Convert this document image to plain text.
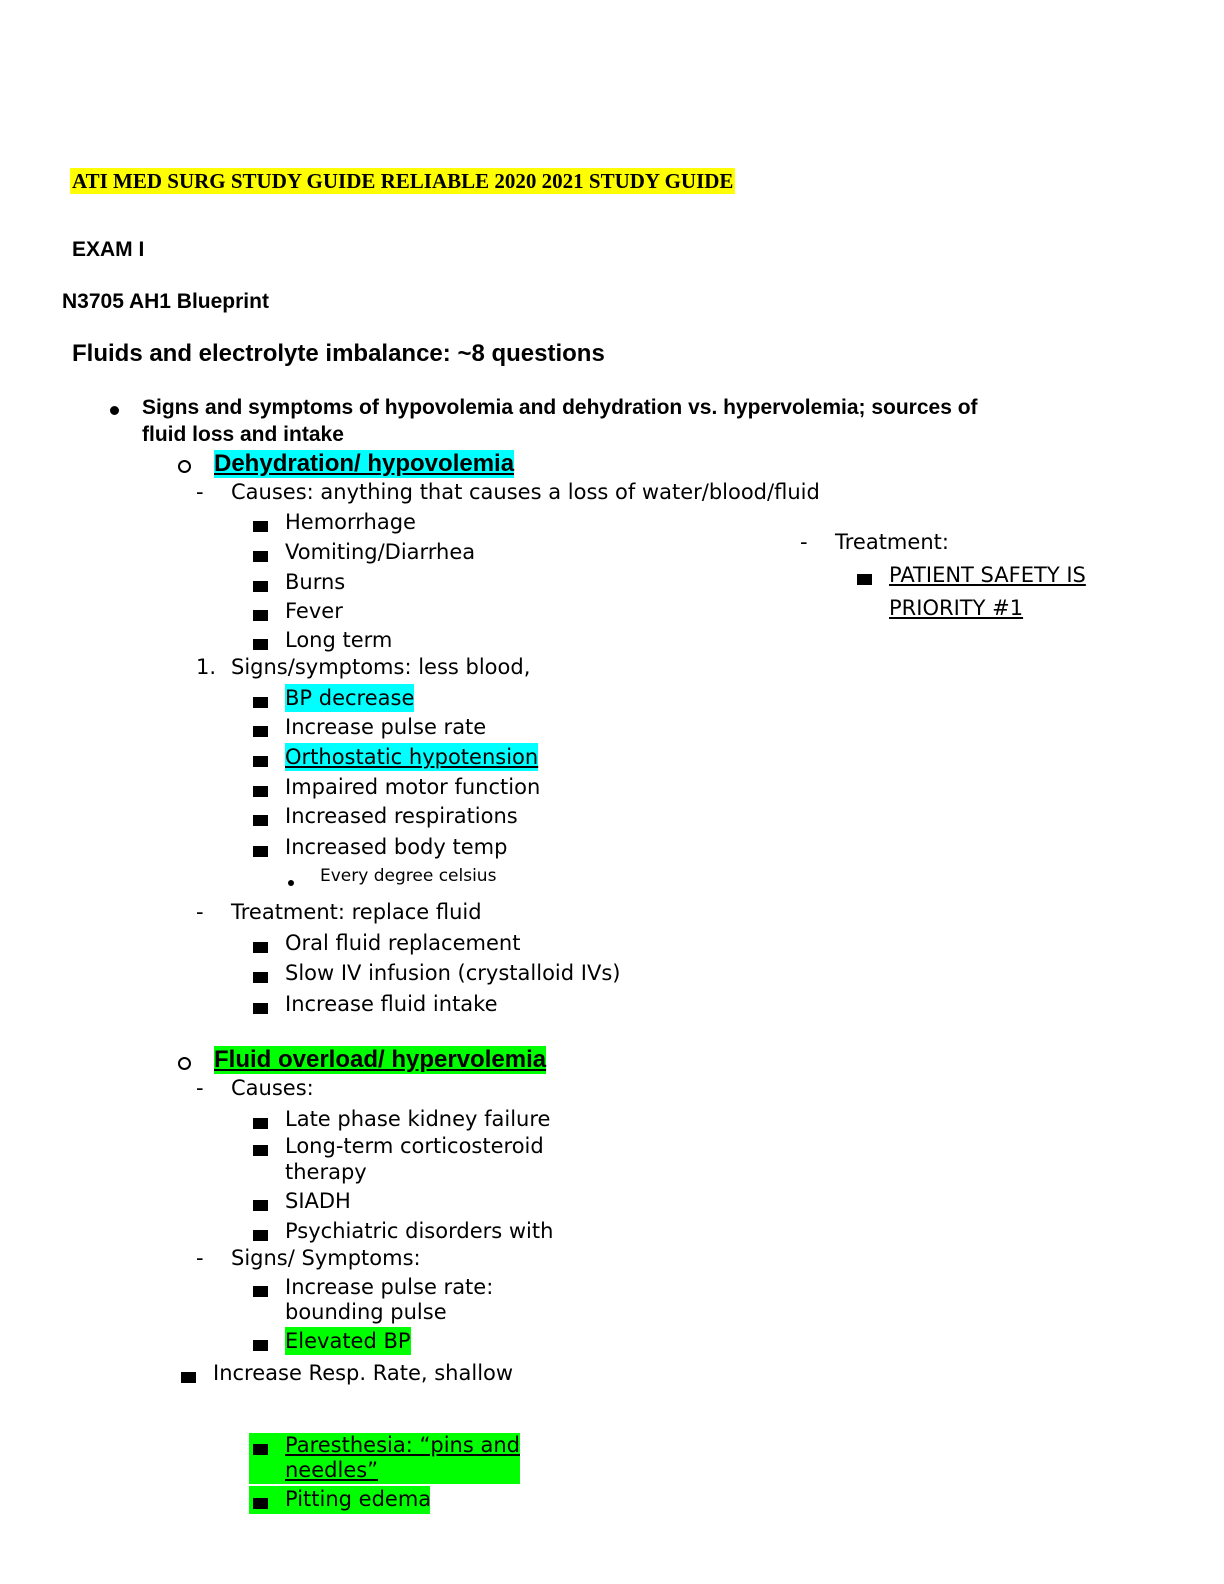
ATI MED SURG STUDY GUIDE RELIABLE 2020 2021 STUDY GUIDE
EXAM I
N3705 AH1 Blueprint
Fluids and electrolyte imbalance: ~8 questions
Signs and symptoms of hypovolemia and dehydration vs. hypervolemia; sources of
fluid loss and intake
Dehydration/ hypovolemia
- Causes: anything that causes a loss of water/blood/fluid
Hemorrhage
Vomiting/Diarrhea
Burns
Fever
Long term
1. Signs/symptoms: less blood,
BP decrease
Increase pulse rate
Orthostatic hypotension
Impaired motor function
Increased respirations
Increased body temp
Every degree celsius
- Treatment: replace fluid
Oral fluid replacement
Slow IV infusion (crystalloid IVs)
Increase fluid intake
- Treatment:
PATIENT SAFETY IS
PRIORITY #1
Fluid overload/ hypervolemia
- Causes:
Late phase kidney failure
Long-term corticosteroid
therapy
SIADH
Psychiatric disorders with
- Signs/ Symptoms:
Increase pulse rate:
bounding pulse
Elevated BP
Increase Resp. Rate, shallow
Paresthesia: “pins and
needles”
Pitting edema
